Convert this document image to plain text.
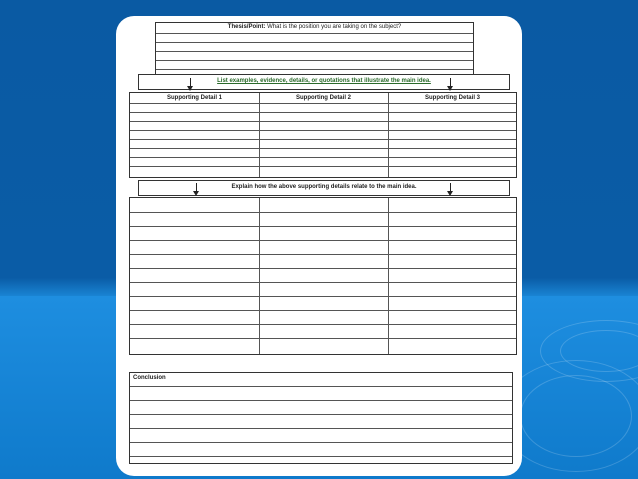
Thesis/Point: What is the position you are taking on the subject?
List examples, evidence, details, or quotations that illustrate the main idea.
Supporting Detail 1	Supporting Detail 2	Supporting Detail 3
Explain how the above supporting details relate to the main idea.
Conclusion
